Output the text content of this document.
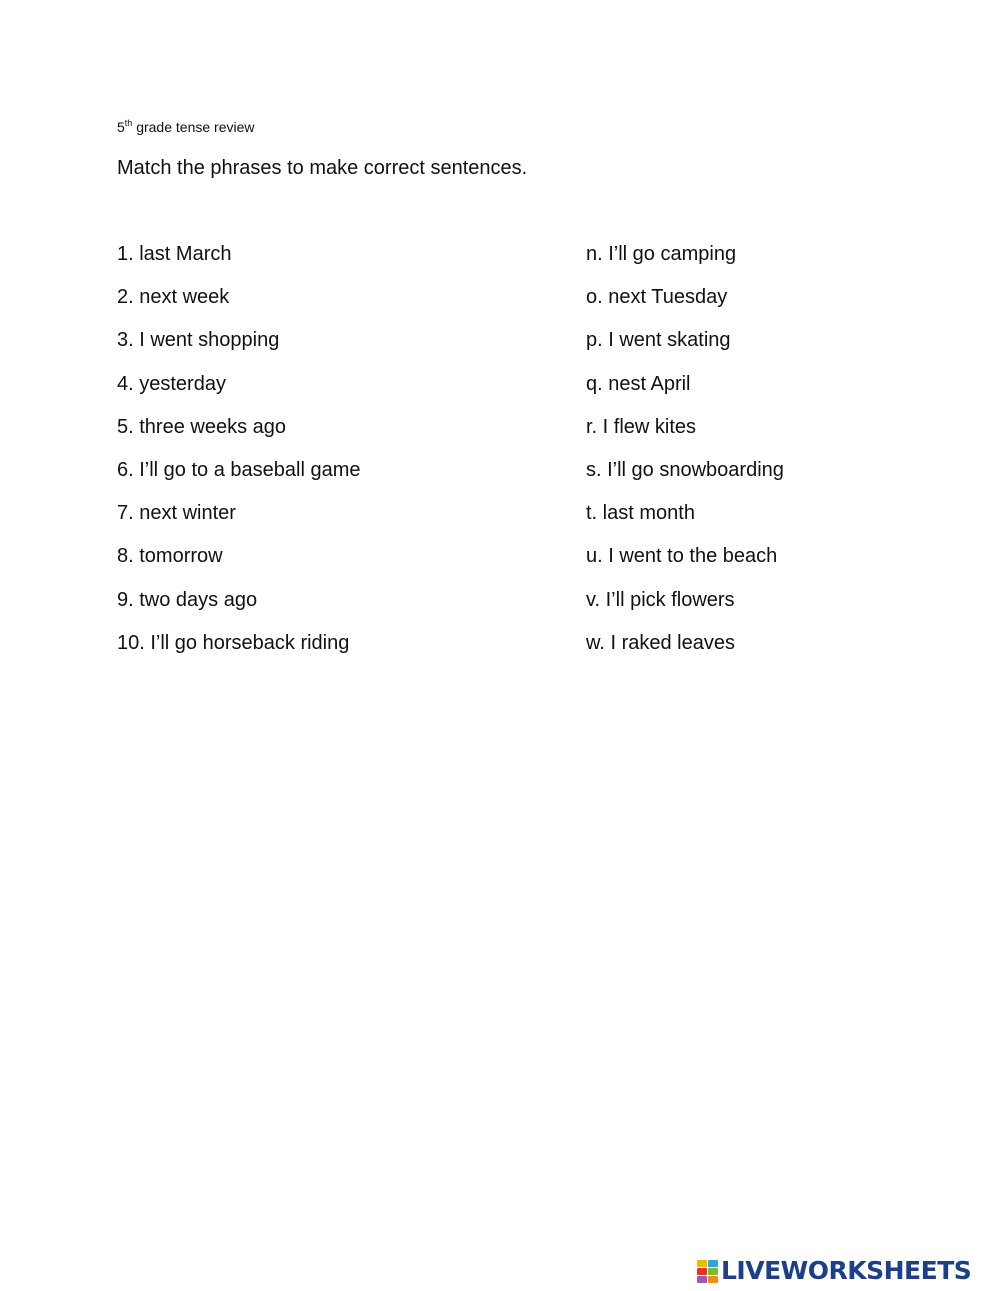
5th grade tense review
Match the phrases to make correct sentences.
1. last March
2. next week
3. I went shopping
4. yesterday
5. three weeks ago
6. I’ll go to a baseball game
7. next winter
8. tomorrow
9. two days ago
10. I’ll go horseback riding
n. I’ll go camping
o. next Tuesday
p. I went skating
q. nest April
r. I flew kites
s. I’ll go snowboarding
t. last month
u. I went to the beach
v. I’ll pick flowers
w. I raked leaves
LIVEWORKSHEETS
